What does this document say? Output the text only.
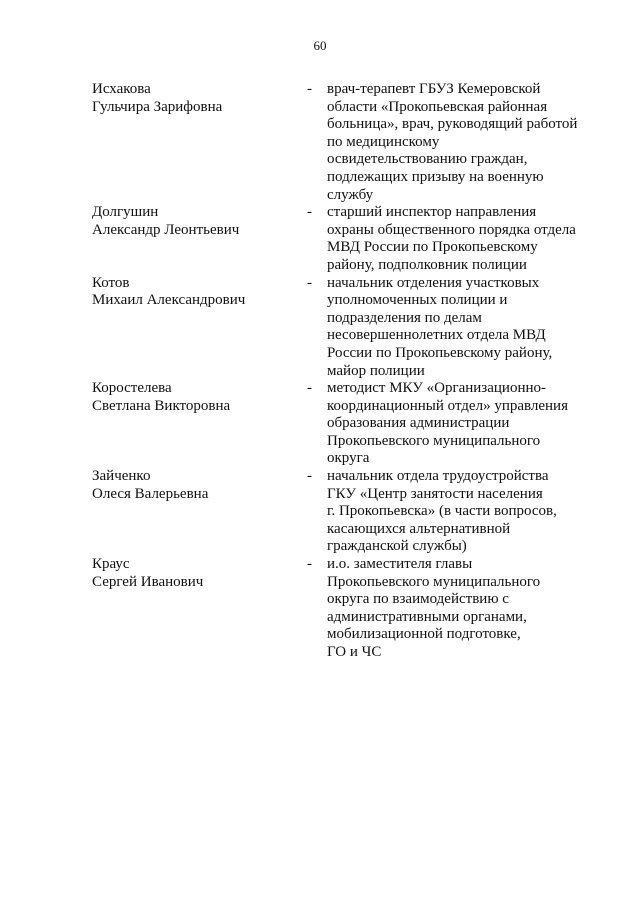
60
Исхакова
Гульчира Зарифовна
- врач-терапевт ГБУЗ Кемеровской
области «Прокопьевская районная
больница», врач, руководящий работой
по медицинскому
освидетельствованию граждан,
подлежащих призыву на военную
службу
Долгушин
Александр Леонтьевич
- старший инспектор направления
охраны общественного порядка отдела
МВД России по Прокопьевскому
району, подполковник полиции
Котов
Михаил Александрович
- начальник отделения участковых
уполномоченных полиции и
подразделения по делам
несовершеннолетних отдела МВД
России по Прокопьевскому району,
майор полиции
Коростелева
Светлана Викторовна
- методист МКУ «Организационно-
координационный отдел» управления
образования администрации
Прокопьевского муниципального
округа
Зайченко
Олеся Валерьевна
- начальник отдела трудоустройства
ГКУ «Центр занятости населения
г. Прокопьевска» (в части вопросов,
касающихся альтернативной
гражданской службы)
Краус
Сергей Иванович
- и.о. заместителя главы
Прокопьевского муниципального
округа по взаимодействию с
административными органами,
мобилизационной подготовке,
ГО и ЧС
